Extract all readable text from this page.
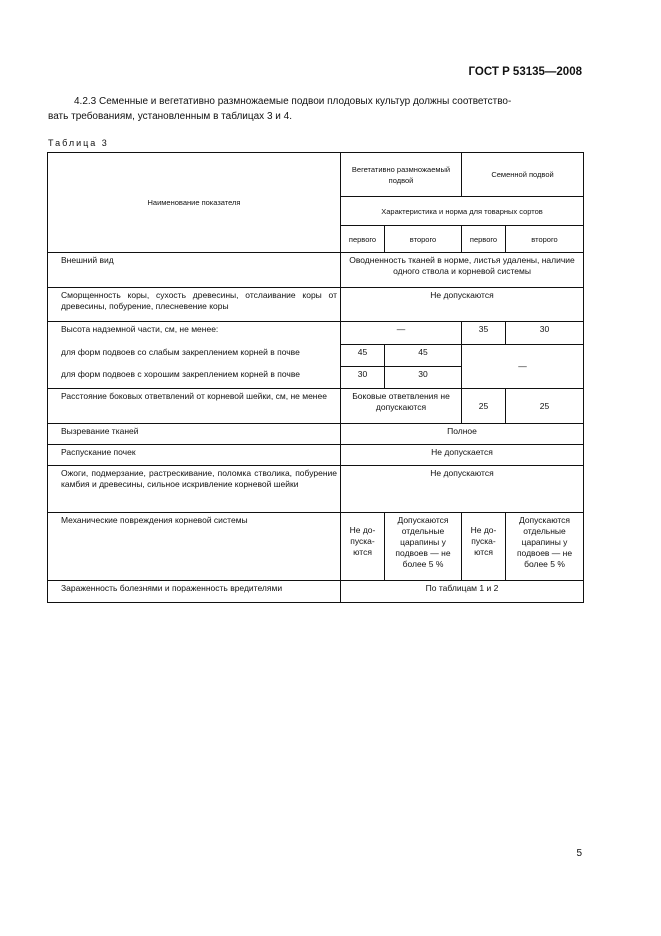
ГОСТ Р 53135—2008
4.2.3 Семенные и вегетативно размножаемые подвои плодовых культур должны соответство-
вать требованиям, установленным в таблицах 3 и 4.
Таблица 3
Наименование показателя	Вегетативно размножаемый подвой		Семенной подвой	
	Характеристика и норма для товарных сортов			
	первого	второго	первого	второго
Внешний вид	Оводненность тканей в норме, листья удалены, наличие одного ствола и корневой системы			
Сморщенность коры, сухость древесины, отслаивание коры от древесины, побурение, плесневение коры	Не допускаются			
Высота надземной части, см, не менее:	—		35	30
для форм подвоев со слабым закреплением корней в почве	45	45	—	
для форм подвоев с хорошим закреплением корней в почве	30	30		
Расстояние боковых ответвлений от корневой шейки, см, не менее	Боковые ответвления не допускаются		25	25
Вызревание тканей	Полное			
Распускание почек	Не допускается			
Ожоги, подмерзание, растрескивание, поломка стволика, побурение камбия и древесины, сильное искривление корневой шейки	Не допускаются			
Механические повреждения корневой системы	Не до-пуска-ются	Допускаются отдельные царапины у подвоев — не более 5 %	Не до-пуска-ются	Допускаются отдельные царапины у подвоев — не более 5 %
Зараженность болезнями и пораженность вредителями	По таблицам 1 и 2			
5
